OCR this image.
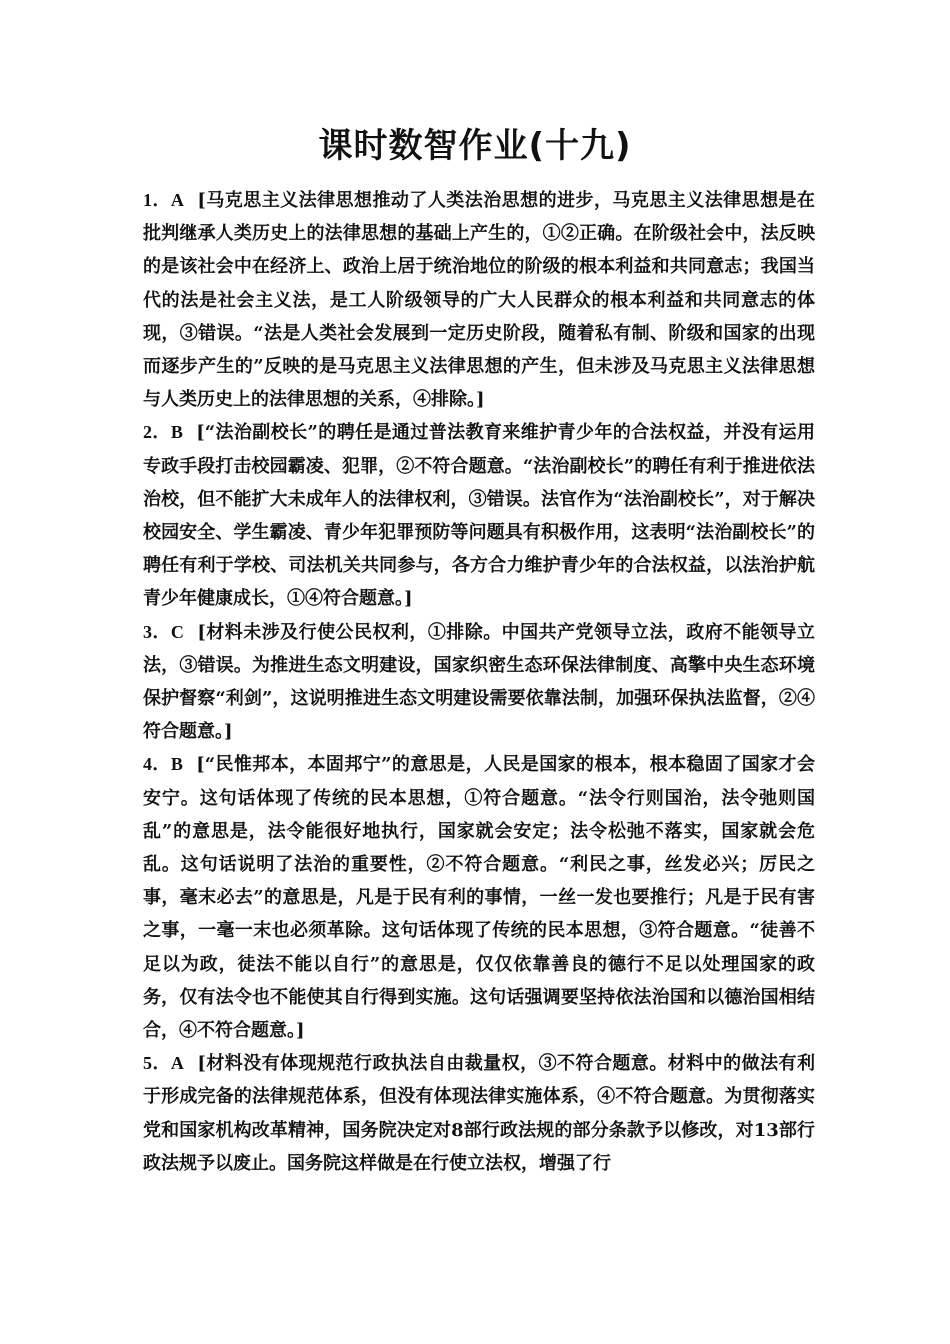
课时数智作业(十九)

1．A [马克思主义法律思想推动了人类法治思想的进步，马克思主义法律思想是在批判继承人类历史上的法律思想的基础上产生的，①②正确。在阶级社会中，法反映的是该社会中在经济上、政治上居于统治地位的阶级的根本利益和共同意志；我国当代的法是社会主义法，是工人阶级领导的广大人民群众的根本利益和共同意志的体现，③错误。“法是人类社会发展到一定历史阶段，随着私有制、阶级和国家的出现而逐步产生的”反映的是马克思主义法律思想的产生，但未涉及马克思主义法律思想与人类历史上的法律思想的关系，④排除。]

2．B [“法治副校长”的聘任是通过普法教育来维护青少年的合法权益，并没有运用专政手段打击校园霸凌、犯罪，②不符合题意。“法治副校长”的聘任有利于推进依法治校，但不能扩大未成年人的法律权利，③错误。法官作为“法治副校长”，对于解决校园安全、学生霸凌、青少年犯罪预防等问题具有积极作用，这表明“法治副校长”的聘任有利于学校、司法机关共同参与，各方合力维护青少年的合法权益，以法治护航青少年健康成长，①④符合题意。]

3．C [材料未涉及行使公民权利，①排除。中国共产党领导立法，政府不能领导立法，③错误。为推进生态文明建设，国家织密生态环保法律制度、高擎中央生态环境保护督察“利剑”，这说明推进生态文明建设需要依靠法制，加强环保执法监督，②④符合题意。]

4．B [“民惟邦本，本固邦宁”的意思是，人民是国家的根本，根本稳固了国家才会安宁。这句话体现了传统的民本思想，①符合题意。“法令行则国治，法令弛则国乱”的意思是，法令能很好地执行，国家就会安定；法令松弛不落实，国家就会危乱。这句话说明了法治的重要性，②不符合题意。“利民之事，丝发必兴；厉民之事，毫末必去”的意思是，凡是于民有利的事情，一丝一发也要推行；凡是于民有害之事，一毫一末也必须革除。这句话体现了传统的民本思想，③符合题意。“徒善不足以为政，徒法不能以自行”的意思是，仅仅依靠善良的德行不足以处理国家的政务，仅有法令也不能使其自行得到实施。这句话强调要坚持依法治国和以德治国相结合，④不符合题意。]

5．A [材料没有体现规范行政执法自由裁量权，③不符合题意。材料中的做法有利于形成完备的法律规范体系，但没有体现法律实施体系，④不符合题意。为贯彻落实党和国家机构改革精神，国务院决定对8部行政法规的部分条款予以修改，对13部行政法规予以废止。国务院这样做是在行使立法权，增强了行
